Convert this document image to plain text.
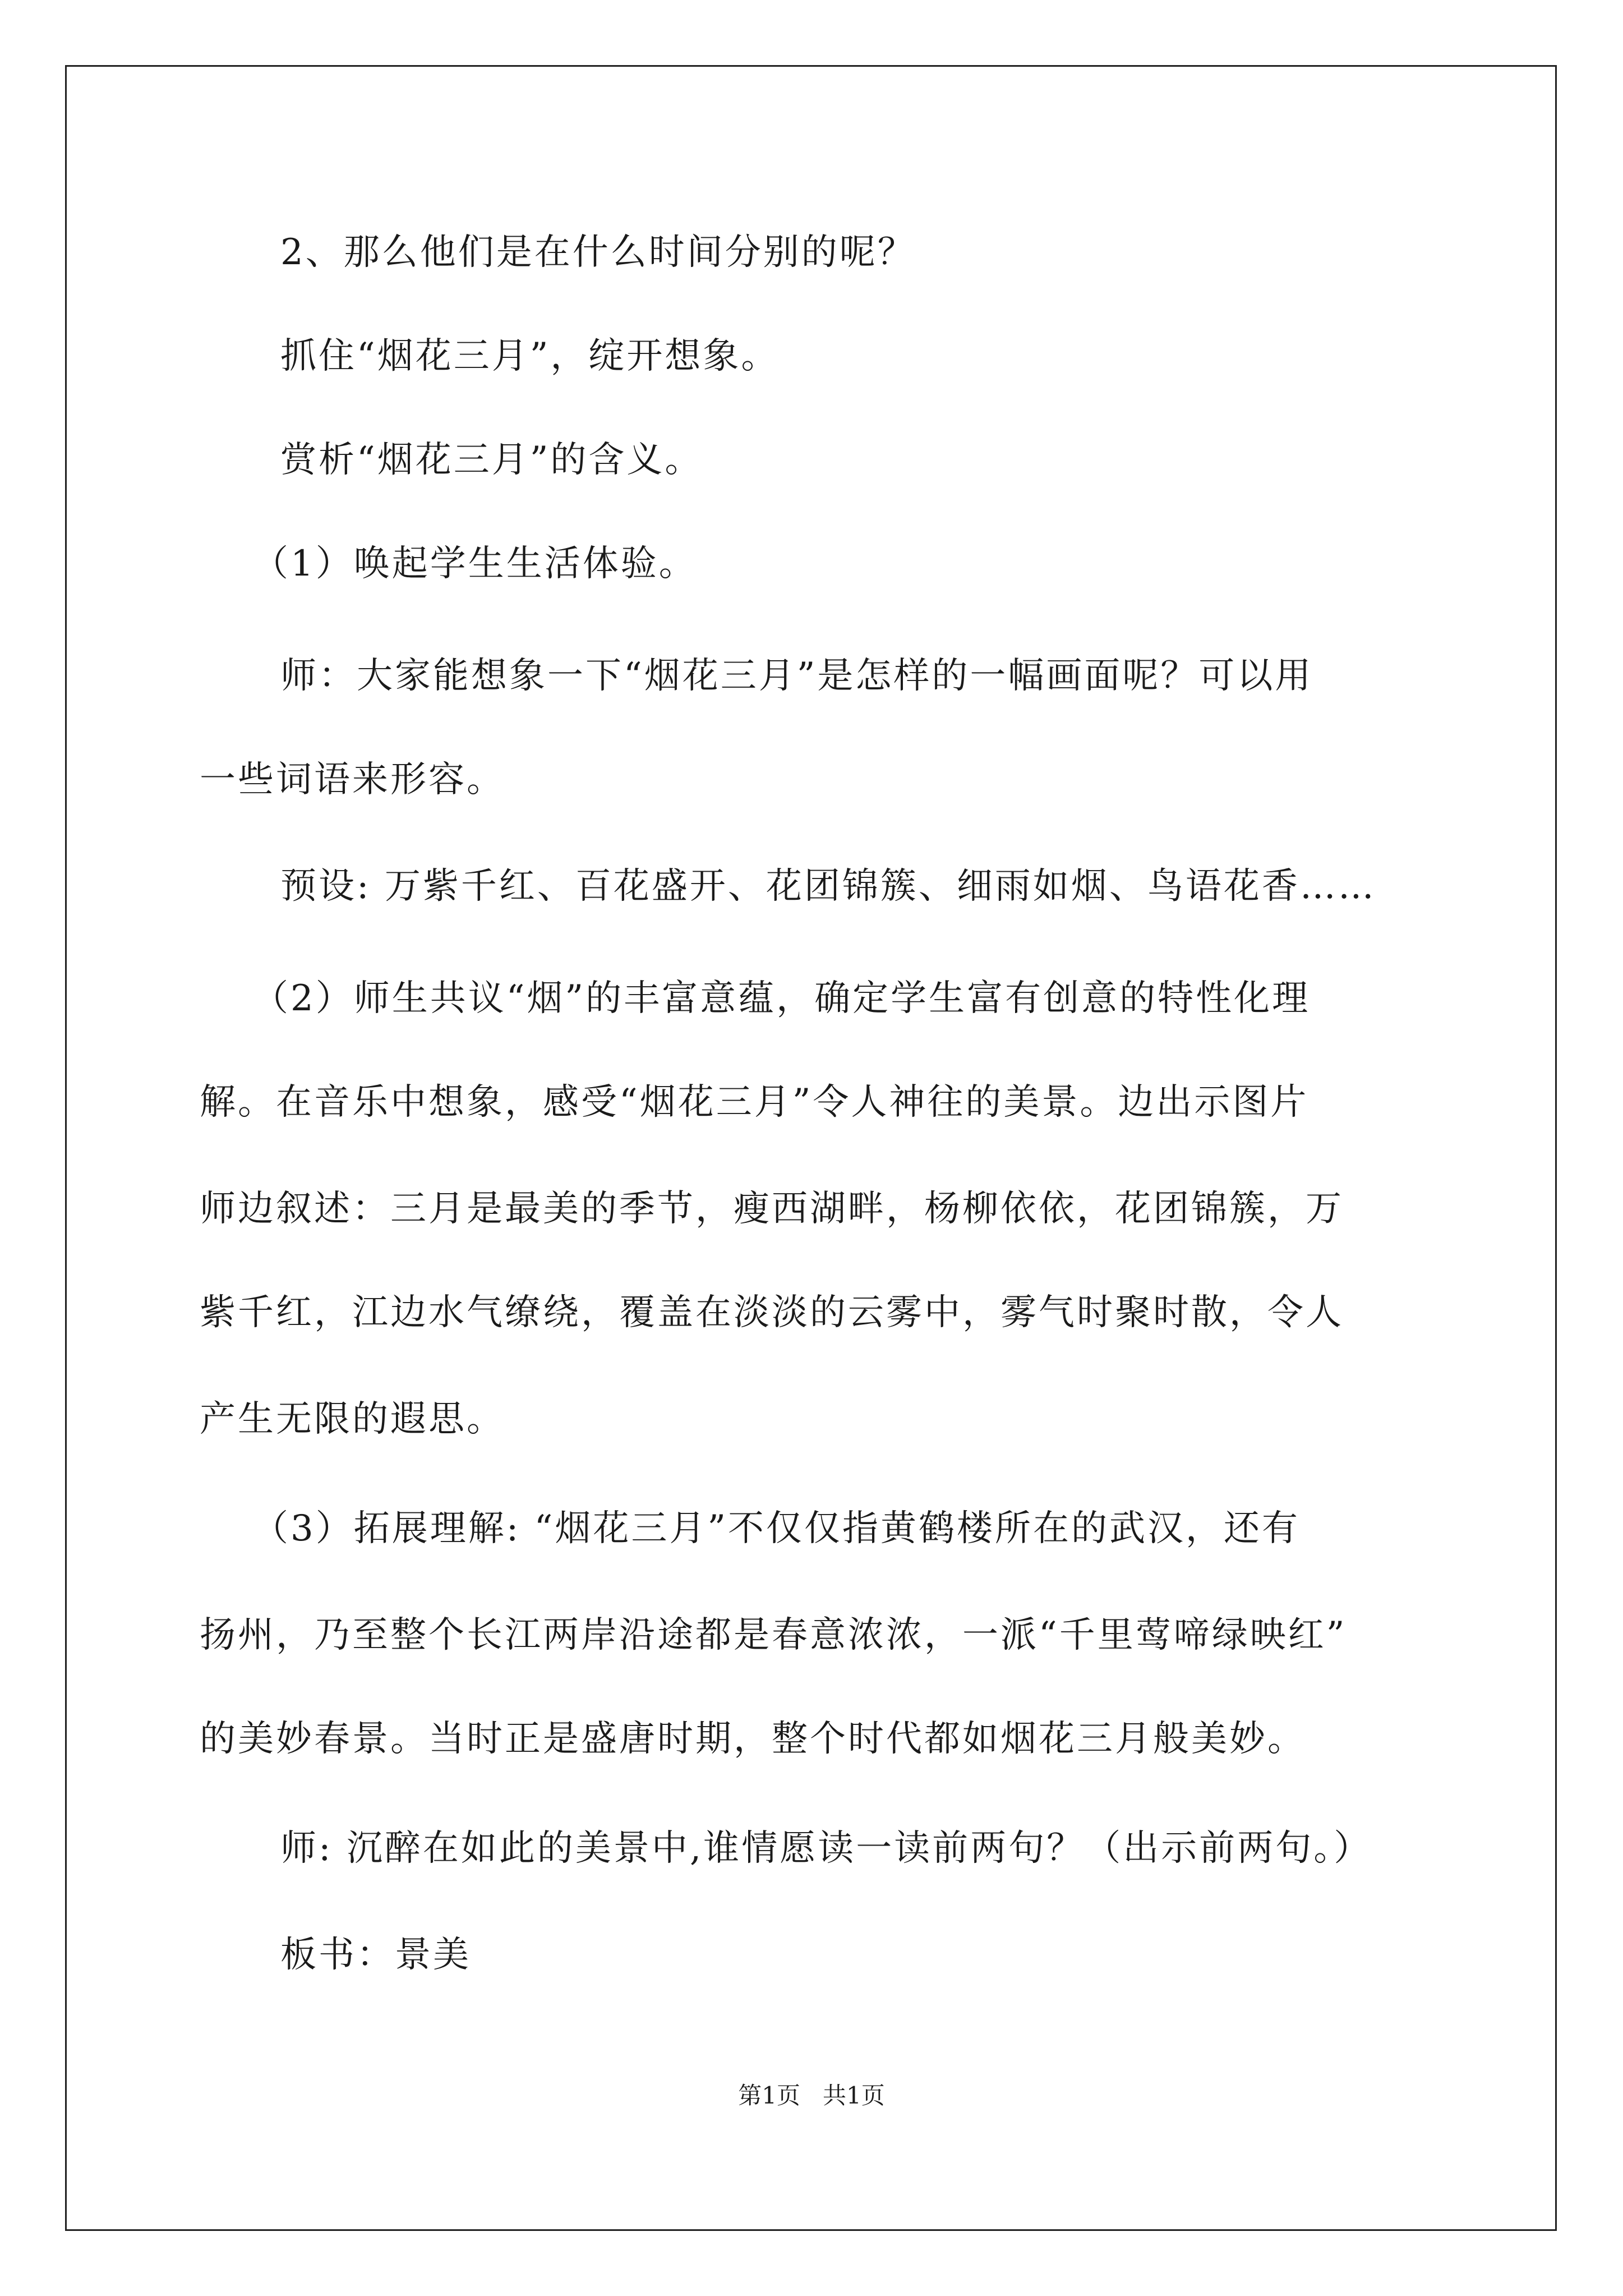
2、那么他们是在什么时间分别的呢？

抓住“烟花三月”，绽开想象。

赏析“烟花三月”的含义。

（1）唤起学生生活体验。

师：大家能想象一下“烟花三月”是怎样的一幅画面呢？可以用

一些词语来形容。

预设: 万紫千红、百花盛开、花团锦簇、细雨如烟、鸟语花香……

（2）师生共议“烟”的丰富意蕴，确定学生富有创意的特性化理

解。在音乐中想象，感受“烟花三月”令人神往的美景。边出示图片

师边叙述：三月是最美的季节，瘦西湖畔，杨柳依依，花团锦簇，万

紫千红，江边水气缭绕，覆盖在淡淡的云雾中，雾气时聚时散，令人

产生无限的遐思。

（3）拓展理解: “烟花三月”不仅仅指黄鹤楼所在的武汉，还有

扬州，乃至整个长江两岸沿途都是春意浓浓，一派“千里莺啼绿映红”

的美妙春景。当时正是盛唐时期，整个时代都如烟花三月般美妙。

师: 沉醉在如此的美景中,谁情愿读一读前两句？（出示前两句。）

板书：景美

第1页   共1页
